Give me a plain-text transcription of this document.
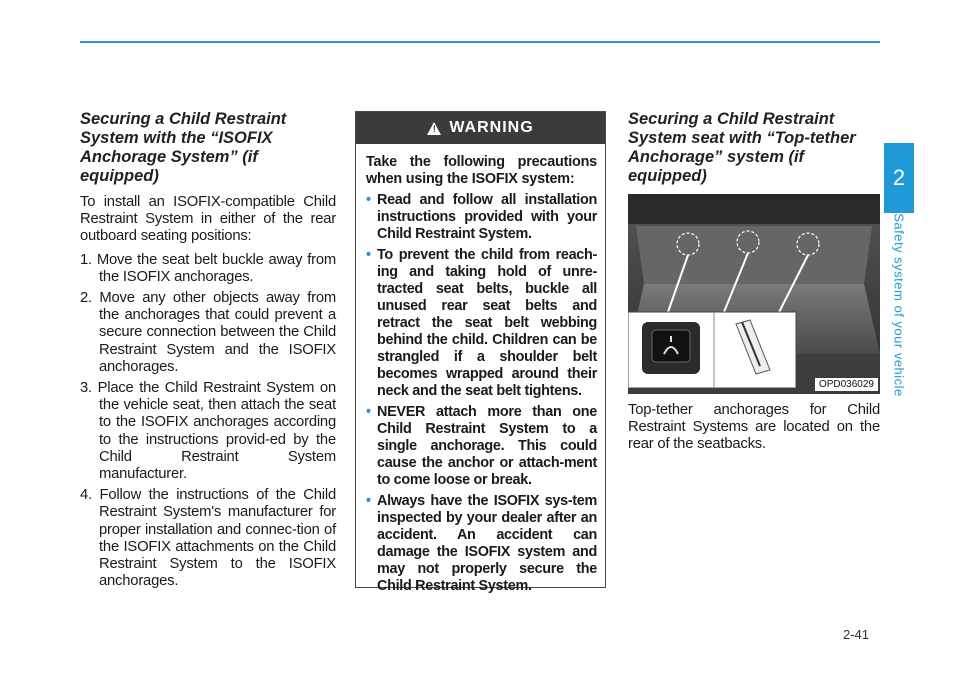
Securing a Child Restraint System with the “ISOFIX Anchorage System” (if equipped)

To install an ISOFIX-compatible Child Restraint System in either of the rear outboard seating positions:

1. Move the seat belt buckle away from the ISOFIX anchorages.
2. Move any other objects away from the anchorages that could prevent a secure connection between the Child Restraint System and the ISOFIX anchorages.
3. Place the Child Restraint System on the vehicle seat, then attach the seat to the ISOFIX anchorages according to the instructions provid-ed by the Child Restraint System manufacturer.
4. Follow the instructions of the Child Restraint System's manufacturer for proper installation and connec-tion of the ISOFIX attachments on the Child Restraint System to the ISOFIX anchorages.
! WARNING

Take the following precautions when using the ISOFIX system:

• Read and follow all installation instructions provided with your Child Restraint System.
• To prevent the child from reach-ing and taking hold of unre-tracted seat belts, buckle all unused rear seat belts and retract the seat belt webbing behind the child. Children can be strangled if a shoulder belt becomes wrapped around their neck and the seat belt tightens.
• NEVER attach more than one Child Restraint System to a single anchorage. This could cause the anchor or attach-ment to come loose or break.
• Always have the ISOFIX sys-tem inspected by your dealer after an accident. An accident can damage the ISOFIX system and may not properly secure the Child Restraint System.

Securing a Child Restraint System seat with “Top-tether Anchorage” system (if equipped)

OPD036029

Top-tether anchorages for Child Restraint Systems are located on the rear of the seatbacks.

2
Safety system of your vehicle
2-41
